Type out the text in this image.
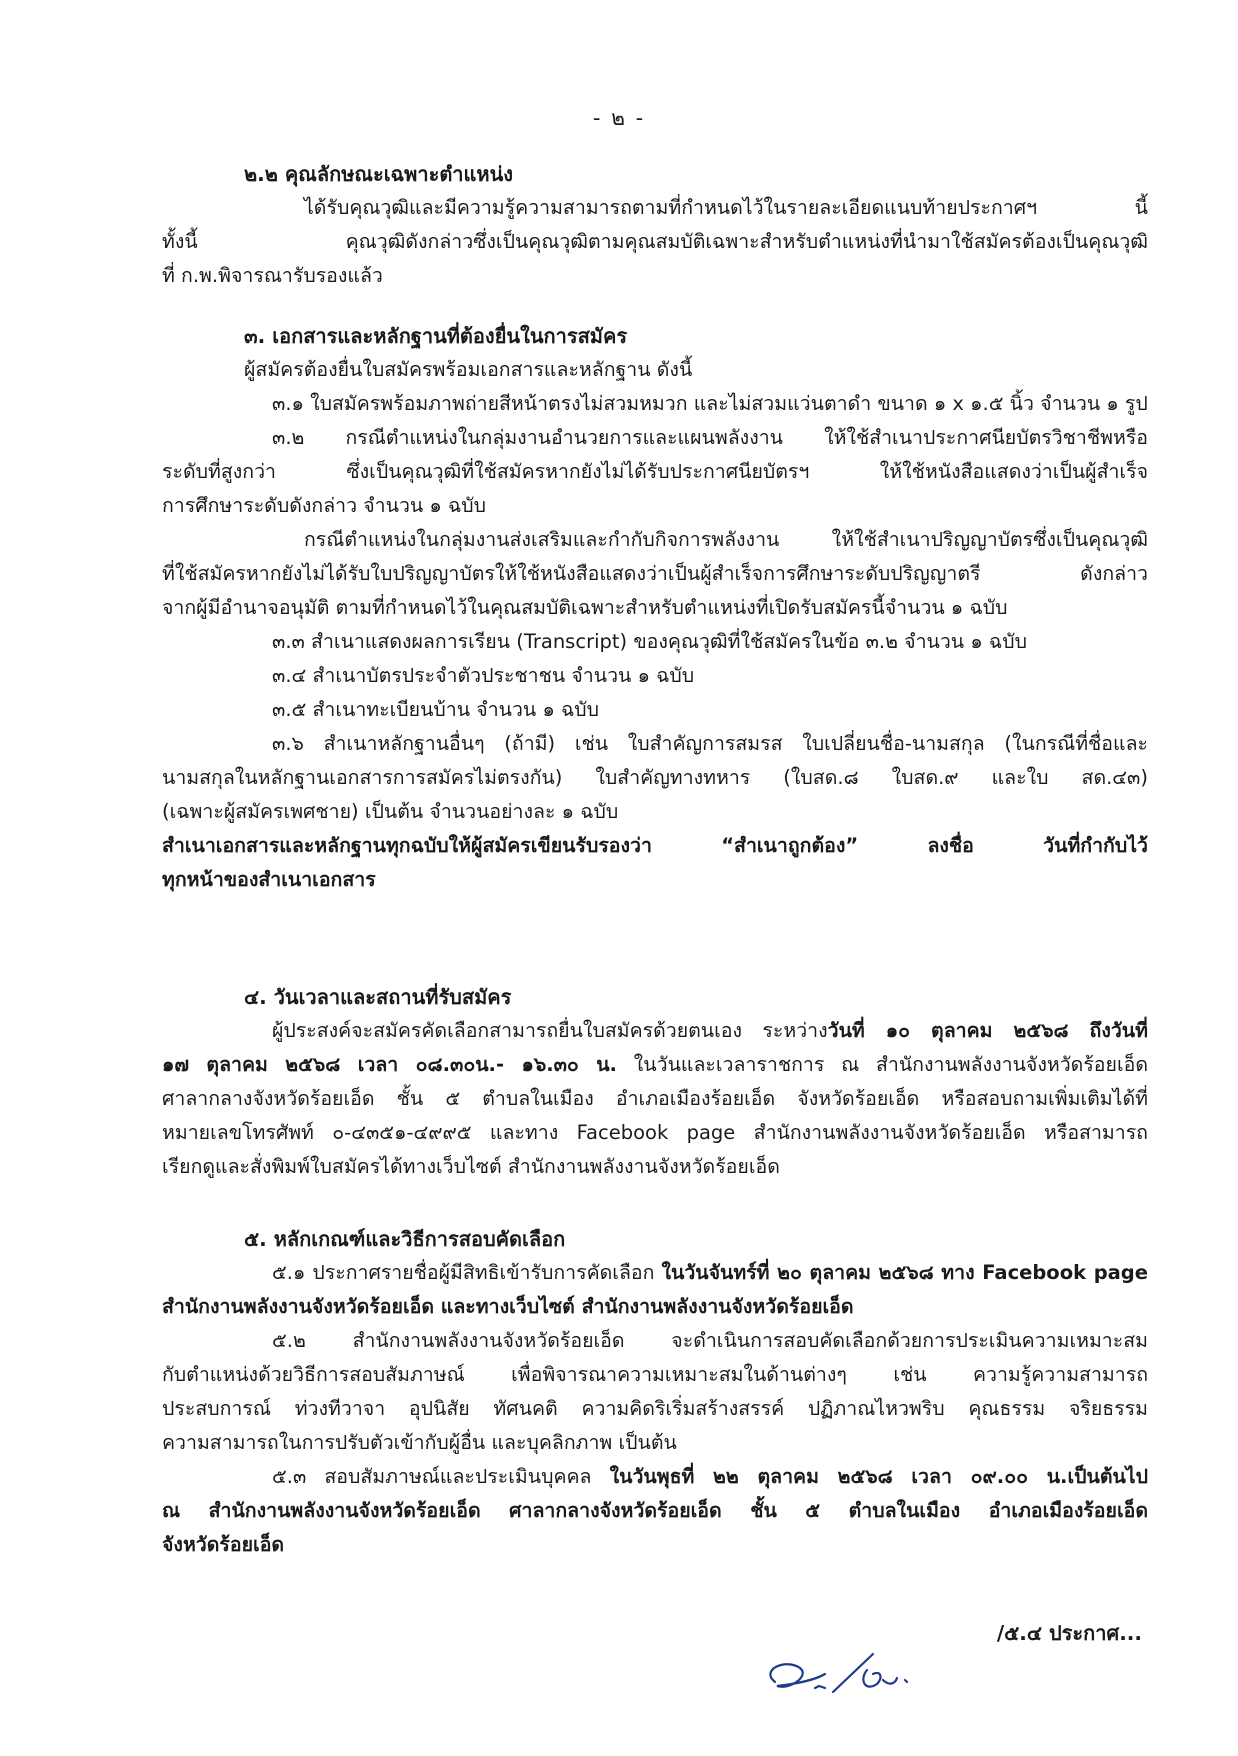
- ๒ -
๒.๒ คุณลักษณะเฉพาะตำแหน่ง
ได้รับคุณวุฒิและมีความรู้ความสามารถตามที่กำหนดไว้ในรายละเอียดแนบท้ายประกาศฯ นี้
ทั้งนี้ คุณวุฒิดังกล่าวซึ่งเป็นคุณวุฒิตามคุณสมบัติเฉพาะสำหรับตำแหน่งที่นำมาใช้สมัครต้องเป็นคุณวุฒิ
ที่ ก.พ.พิจารณารับรองแล้ว
๓. เอกสารและหลักฐานที่ต้องยื่นในการสมัคร
ผู้สมัครต้องยื่นใบสมัครพร้อมเอกสารและหลักฐาน ดังนี้
๓.๑ ใบสมัครพร้อมภาพถ่ายสีหน้าตรงไม่สวมหมวก และไม่สวมแว่นตาดำ ขนาด ๑ x ๑.๕ นิ้ว จำนวน ๑ รูป
๓.๒ กรณีตำแหน่งในกลุ่มงานอำนวยการและแผนพลังงาน ให้ใช้สำเนาประกาศนียบัตรวิชาชีพหรือ
ระดับที่สูงกว่า ซึ่งเป็นคุณวุฒิที่ใช้สมัครหากยังไม่ได้รับประกาศนียบัตรฯ ให้ใช้หนังสือแสดงว่าเป็นผู้สำเร็จ
การศึกษาระดับดังกล่าว จำนวน ๑ ฉบับ
กรณีตำแหน่งในกลุ่มงานส่งเสริมและกำกับกิจการพลังงาน ให้ใช้สำเนาปริญญาบัตรซึ่งเป็นคุณวุฒิ
ที่ใช้สมัครหากยังไม่ได้รับใบปริญญาบัตรให้ใช้หนังสือแสดงว่าเป็นผู้สำเร็จการศึกษาระดับปริญญาตรี ดังกล่าว
จากผู้มีอำนาจอนุมัติ ตามที่กำหนดไว้ในคุณสมบัติเฉพาะสำหรับตำแหน่งที่เปิดรับสมัครนี้จำนวน ๑ ฉบับ
๓.๓ สำเนาแสดงผลการเรียน (Transcript) ของคุณวุฒิที่ใช้สมัครในข้อ ๓.๒ จำนวน ๑ ฉบับ
๓.๔ สำเนาบัตรประจำตัวประชาชน จำนวน ๑ ฉบับ
๓.๕ สำเนาทะเบียนบ้าน จำนวน ๑ ฉบับ
๓.๖ สำเนาหลักฐานอื่นๆ (ถ้ามี) เช่น ใบสำคัญการสมรส ใบเปลี่ยนชื่อ-นามสกุล (ในกรณีที่ชื่อและ
นามสกุลในหลักฐานเอกสารการสมัครไม่ตรงกัน) ใบสำคัญทางทหาร (ใบสด.๘ ใบสด.๙ และใบ สด.๔๓)
(เฉพาะผู้สมัครเพศชาย) เป็นต้น จำนวนอย่างละ ๑ ฉบับ
สำเนาเอกสารและหลักฐานทุกฉบับให้ผู้สมัครเขียนรับรองว่า “สำเนาถูกต้อง” ลงชื่อ วันที่กำกับไว้
ทุกหน้าของสำเนาเอกสาร
๔. วันเวลาและสถานที่รับสมัคร
ผู้ประสงค์จะสมัครคัดเลือกสามารถยื่นใบสมัครด้วยตนเอง ระหว่างวันที่ ๑๐ ตุลาคม ๒๕๖๘ ถึงวันที่
๑๗ ตุลาคม ๒๕๖๘ เวลา ๐๘.๓๐น.- ๑๖.๓๐ น. ในวันและเวลาราชการ ณ สำนักงานพลังงานจังหวัดร้อยเอ็ด
ศาลากลางจังหวัดร้อยเอ็ด ชั้น ๕ ตำบลในเมือง อำเภอเมืองร้อยเอ็ด จังหวัดร้อยเอ็ด หรือสอบถามเพิ่มเติมได้ที่
หมายเลขโทรศัพท์ ๐-๔๓๕๑-๔๙๙๕ และทาง Facebook page สำนักงานพลังงานจังหวัดร้อยเอ็ด หรือสามารถ
เรียกดูและสั่งพิมพ์ใบสมัครได้ทางเว็บไซต์ สำนักงานพลังงานจังหวัดร้อยเอ็ด
๕. หลักเกณฑ์และวิธีการสอบคัดเลือก
๕.๑ ประกาศรายชื่อผู้มีสิทธิเข้ารับการคัดเลือก ในวันจันทร์ที่ ๒๐ ตุลาคม ๒๕๖๘ ทาง Facebook page
สำนักงานพลังงานจังหวัดร้อยเอ็ด และทางเว็บไซต์ สำนักงานพลังงานจังหวัดร้อยเอ็ด
๕.๒ สำนักงานพลังงานจังหวัดร้อยเอ็ด จะดำเนินการสอบคัดเลือกด้วยการประเมินความเหมาะสม
กับตำแหน่งด้วยวิธีการสอบสัมภาษณ์ เพื่อพิจารณาความเหมาะสมในด้านต่างๆ เช่น ความรู้ความสามารถ
ประสบการณ์ ท่วงทีวาจา อุปนิสัย ทัศนคติ ความคิดริเริ่มสร้างสรรค์ ปฏิภาณไหวพริบ คุณธรรม จริยธรรม
ความสามารถในการปรับตัวเข้ากับผู้อื่น และบุคลิกภาพ เป็นต้น
๕.๓ สอบสัมภาษณ์และประเมินบุคคล ในวันพุธที่ ๒๒ ตุลาคม ๒๕๖๘ เวลา ๐๙.๐๐ น.เป็นต้นไป
ณ สำนักงานพลังงานจังหวัดร้อยเอ็ด ศาลากลางจังหวัดร้อยเอ็ด ชั้น ๕ ตำบลในเมือง อำเภอเมืองร้อยเอ็ด
จังหวัดร้อยเอ็ด
/๕.๔ ประกาศ...
